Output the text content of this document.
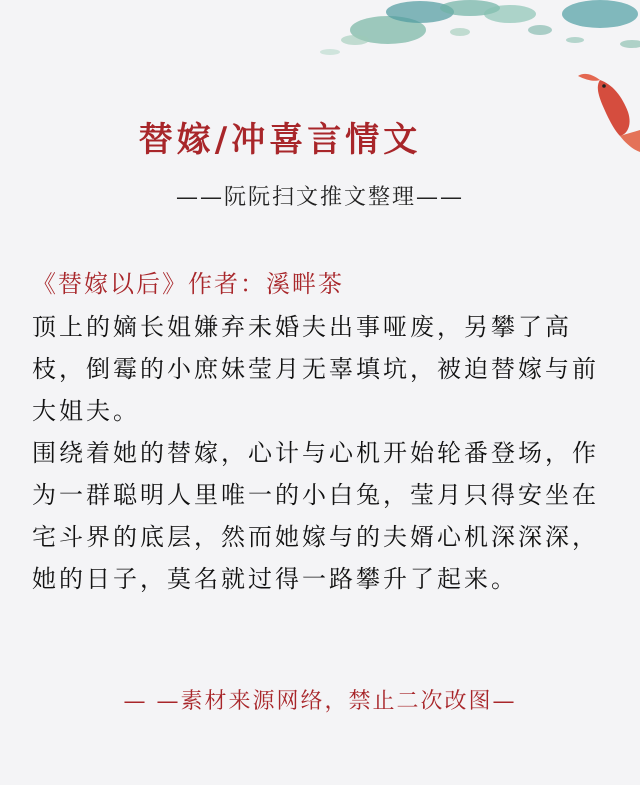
替嫁/冲喜言情文
——阮阮扫文推文整理——
《替嫁以后》作者：溪畔茶

顶上的嫡长姐嫌弃未婚夫出事哑废，另攀了高枝，倒霉的小庶妹莹月无辜填坑，被迫替嫁与前大姐夫。

围绕着她的替嫁，心计与心机开始轮番登场，作为一群聪明人里唯一的小白兔，莹月只得安坐在宅斗界的底层，然而她嫁与的夫婿心机深深深，她的日子，莫名就过得一路攀升了起来。

— —素材来源网络，禁止二次改图—
